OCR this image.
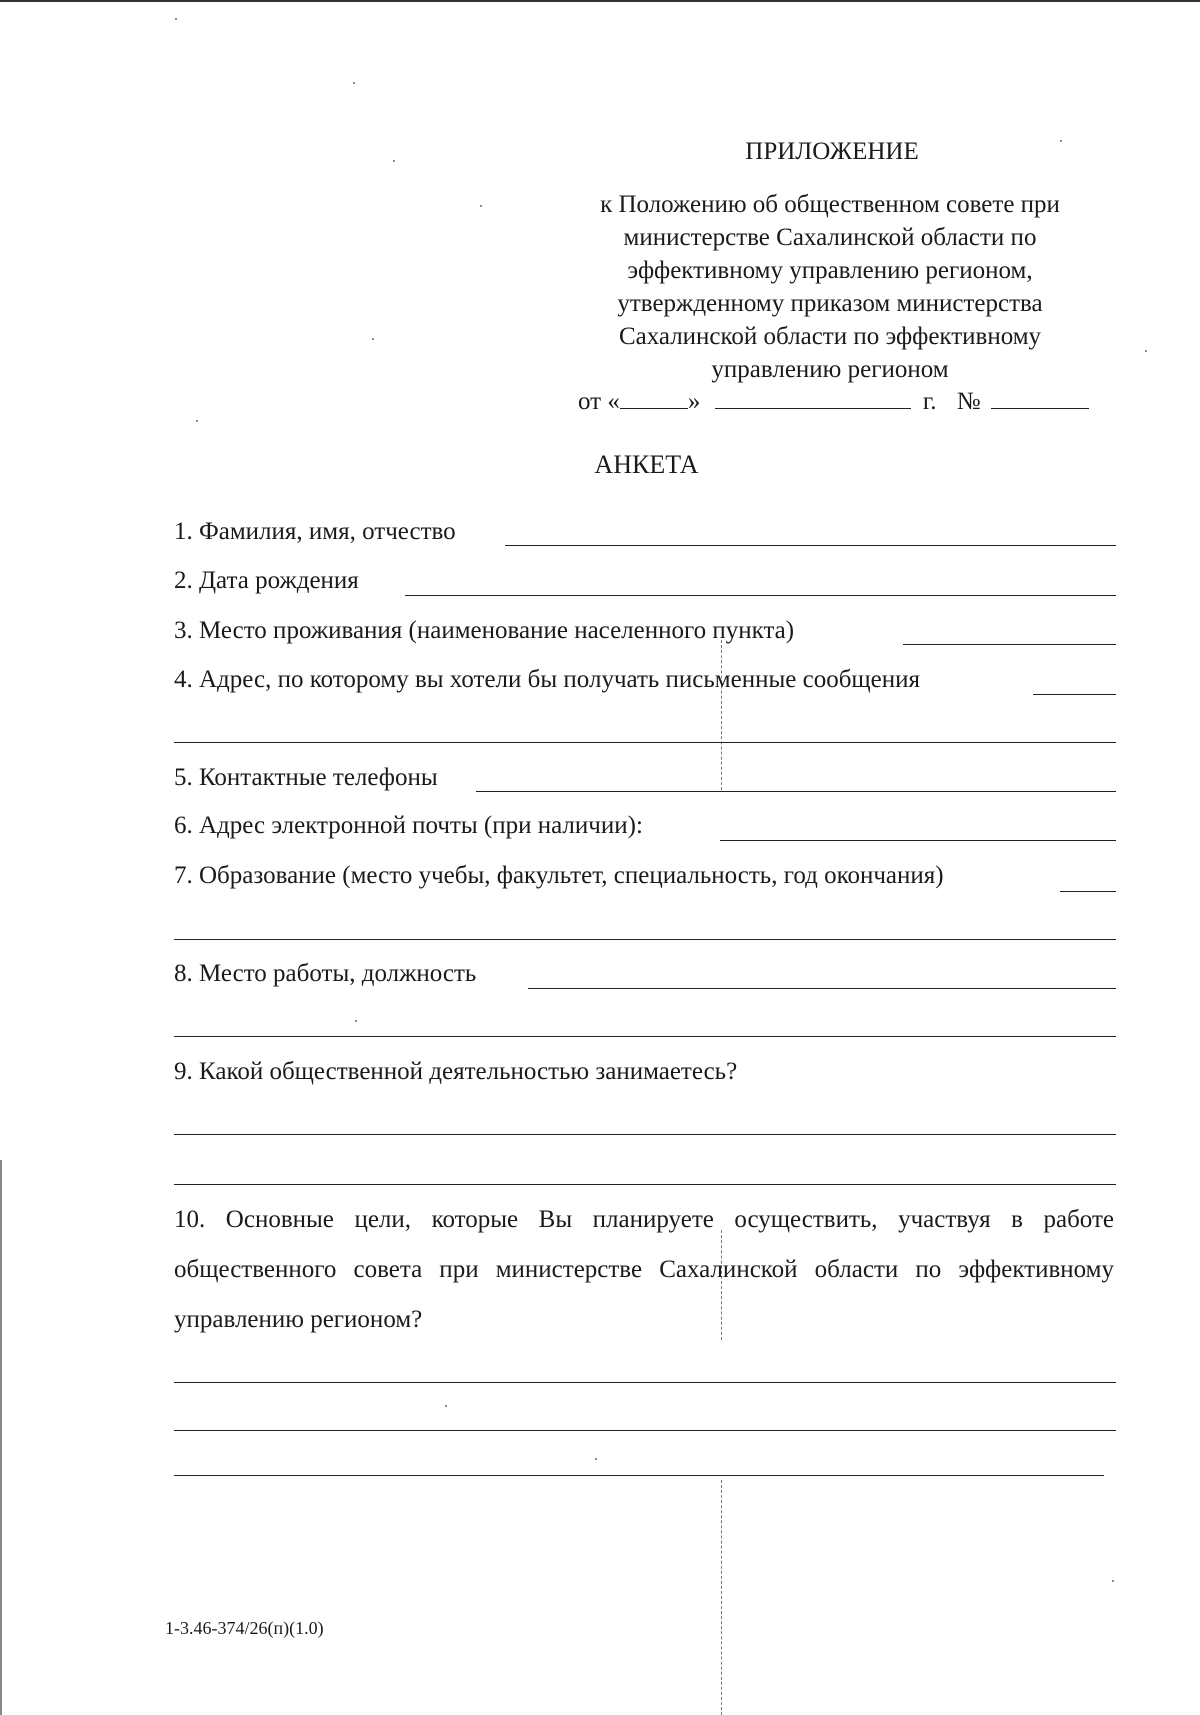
ПРИЛОЖЕНИЕ
к Положению об общественном совете при
министерстве Сахалинской области по
эффективному управлению регионом,
утвержденному приказом министерства
Сахалинской области по эффективному
управлению регионом
от «	»	г. №
АНКЕТА
1. Фамилия, имя, отчество
2. Дата рождения
3. Место проживания (наименование населенного пункта)
4. Адрес, по которому вы хотели бы получать письменные сообщения
5. Контактные телефоны
6. Адрес электронной почты (при наличии):
7. Образование (место учебы, факультет, специальность, год окончания)
8. Место работы, должность
9. Какой общественной деятельностью занимаетесь?
10. Основные цели, которые Вы планируете осуществить, участвуя в работе общественного совета при министерстве Сахалинской области по эффективному управлению регионом?
1-3.46-374/26(п)(1.0)
